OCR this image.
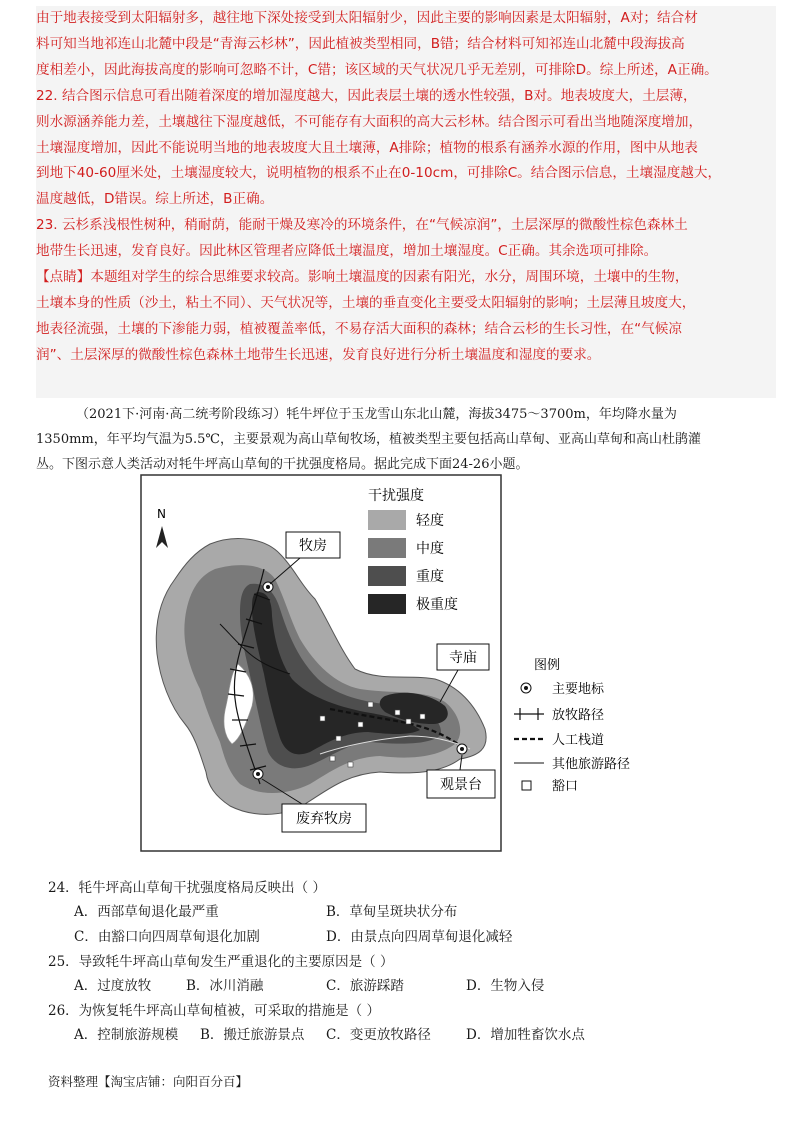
由于地表接受到太阳辐射多，越往地下深处接受到太阳辐射少，因此主要的影响因素是太阳辐射，A对；结合材

料可知当地祁连山北麓中段是“青海云杉林”，因此植被类型相同，B错；结合材料可知祁连山北麓中段海拔高

度相差小，因此海拔高度的影响可忽略不计，C错；该区域的天气状况几乎无差别，可排除D。综上所述，A正确。

22. 结合图示信息可看出随着深度的增加湿度越大，因此表层土壤的透水性较强，B对。地表坡度大，土层薄，

则水源涵养能力差，土壤越往下湿度越低，不可能存有大面积的高大云杉林。结合图示可看出当地随深度增加，

土壤湿度增加，因此不能说明当地的地表坡度大且土壤薄，A排除；植物的根系有涵养水源的作用，图中从地表

到地下40-60厘米处，土壤湿度较大，说明植物的根系不止在0-10cm，可排除C。结合图示信息，土壤湿度越大，

温度越低，D错误。综上所述，B正确。

23. 云杉系浅根性树种，稍耐荫，能耐干燥及寒冷的环境条件，在“气候凉润”，土层深厚的微酸性棕色森林土

地带生长迅速，发育良好。因此林区管理者应降低土壤温度，增加土壤湿度。C正确。其余选项可排除。

【点睛】本题组对学生的综合思维要求较高。影响土壤温度的因素有阳光，水分，周围环境，土壤中的生物，

土壤本身的性质（沙土，粘土不同）、天气状况等，土壤的垂直变化主要受太阳辐射的影响；土层薄且坡度大，

地表径流强，土壤的下渗能力弱，植被覆盖率低，不易存活大面积的森林；结合云杉的生长习性，在“气候凉

润”、土层深厚的微酸性棕色森林土地带生长迅速，发育良好进行分析土壤温度和湿度的要求。

（2021下·河南·高二统考阶段练习）牦牛坪位于玉龙雪山东北山麓，海拔3475～3700m，年均降水量为
1350mm，年平均气温为5.5℃，主要景观为高山草甸牧场，植被类型主要包括高山草甸、亚高山草甸和高山杜鹃灌
丛。下图示意人类活动对牦牛坪高山草甸的干扰强度格局。据此完成下面24-26小题。
N
牧房
寺庙
观景台
废弃牧房
干扰强度
轻度
中度
重度
极重度
图例
主要地标
放牧路径
人工栈道
其他旅游路径
豁口

24．牦牛坪高山草甸干扰强度格局反映出（ ）

A．西部草甸退化最严重	B．草甸呈斑块状分布
C．由豁口向四周草甸退化加剧	D．由景点向四周草甸退化减轻

25．导致牦牛坪高山草甸发生严重退化的主要原因是（ ）

A．过度放牧	B．冰川消融	C．旅游踩踏	D．生物入侵

26．为恢复牦牛坪高山草甸植被，可采取的措施是（ ）

A．控制旅游规模	B．搬迁旅游景点	C．变更放牧路径	D．增加牲畜饮水点
资料整理【淘宝店铺：向阳百分百】
